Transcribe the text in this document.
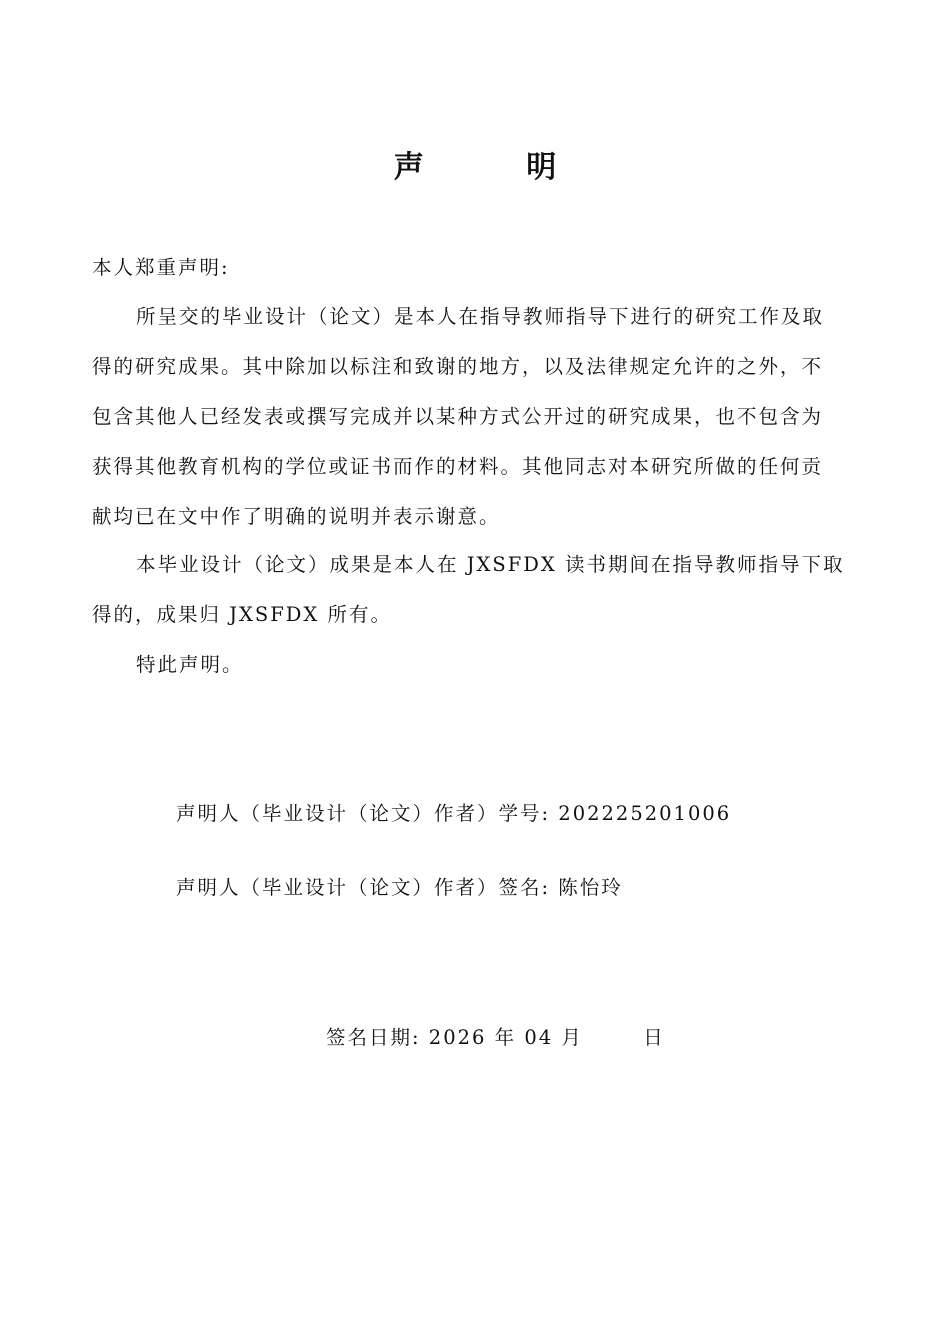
声 明
本人郑重声明:
所呈交的毕业设计（论文）是本人在指导教师指导下进行的研究工作及取
得的研究成果。其中除加以标注和致谢的地方，以及法律规定允许的之外，不
包含其他人已经发表或撰写完成并以某种方式公开过的研究成果，也不包含为
获得其他教育机构的学位或证书而作的材料。其他同志对本研究所做的任何贡
献均已在文中作了明确的说明并表示谢意。
本毕业设计（论文）成果是本人在 JXSFDX 读书期间在指导教师指导下取
得的，成果归 JXSFDX 所有。
特此声明。
声明人（毕业设计（论文）作者）学号: 202225201006
声明人（毕业设计（论文）作者）签名: 陈怡玲
签名日期: 2026 年 04 月	日
